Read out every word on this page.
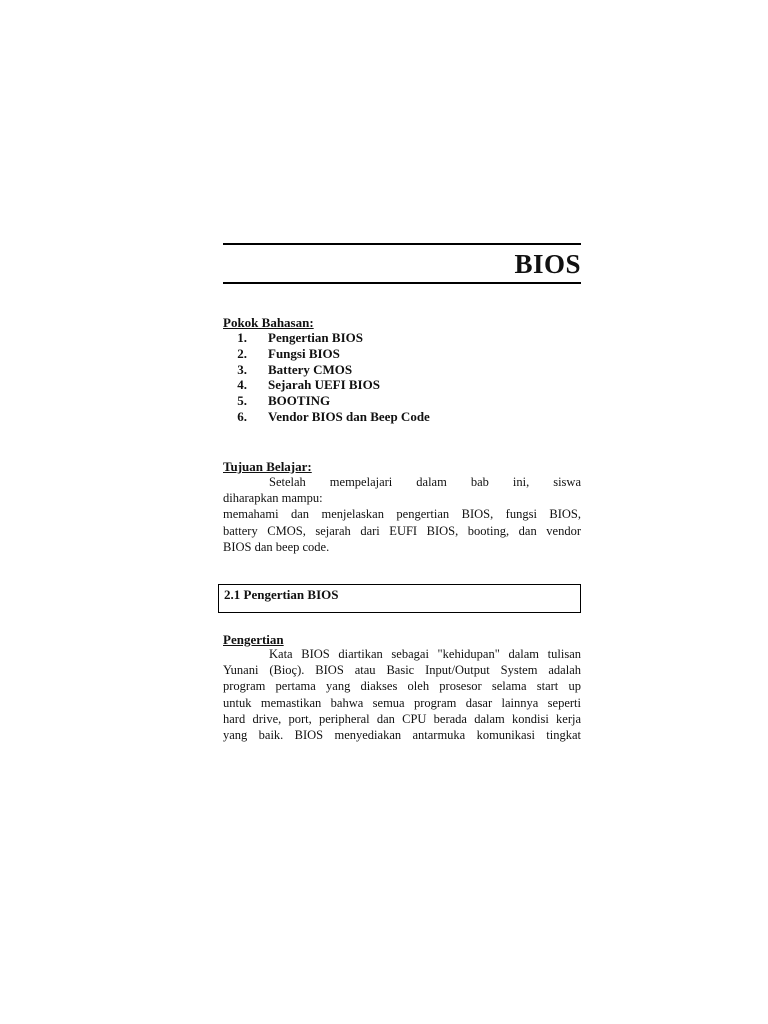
BIOS
Pokok Bahasan:
1. Pengertian BIOS
2. Fungsi BIOS
3. Battery CMOS
4. Sejarah UEFI BIOS
5. BOOTING
6. Vendor BIOS dan Beep Code
Tujuan Belajar:
Setelah mempelajari dalam bab ini, siswa
diharapkan mampu:
memahami dan menjelaskan pengertian BIOS, fungsi BIOS,
battery CMOS, sejarah dari EUFI BIOS, booting, dan vendor
BIOS dan beep code.
2.1 Pengertian BIOS
Pengertian
Kata BIOS diartikan sebagai "kehidupan" dalam tulisan
Yunani (Bioç). BIOS atau Basic Input/Output System adalah
program pertama yang diakses oleh prosesor selama start up
untuk memastikan bahwa semua program dasar lainnya seperti
hard drive, port, peripheral dan CPU berada dalam kondisi kerja
yang baik. BIOS menyediakan antarmuka komunikasi tingkat
